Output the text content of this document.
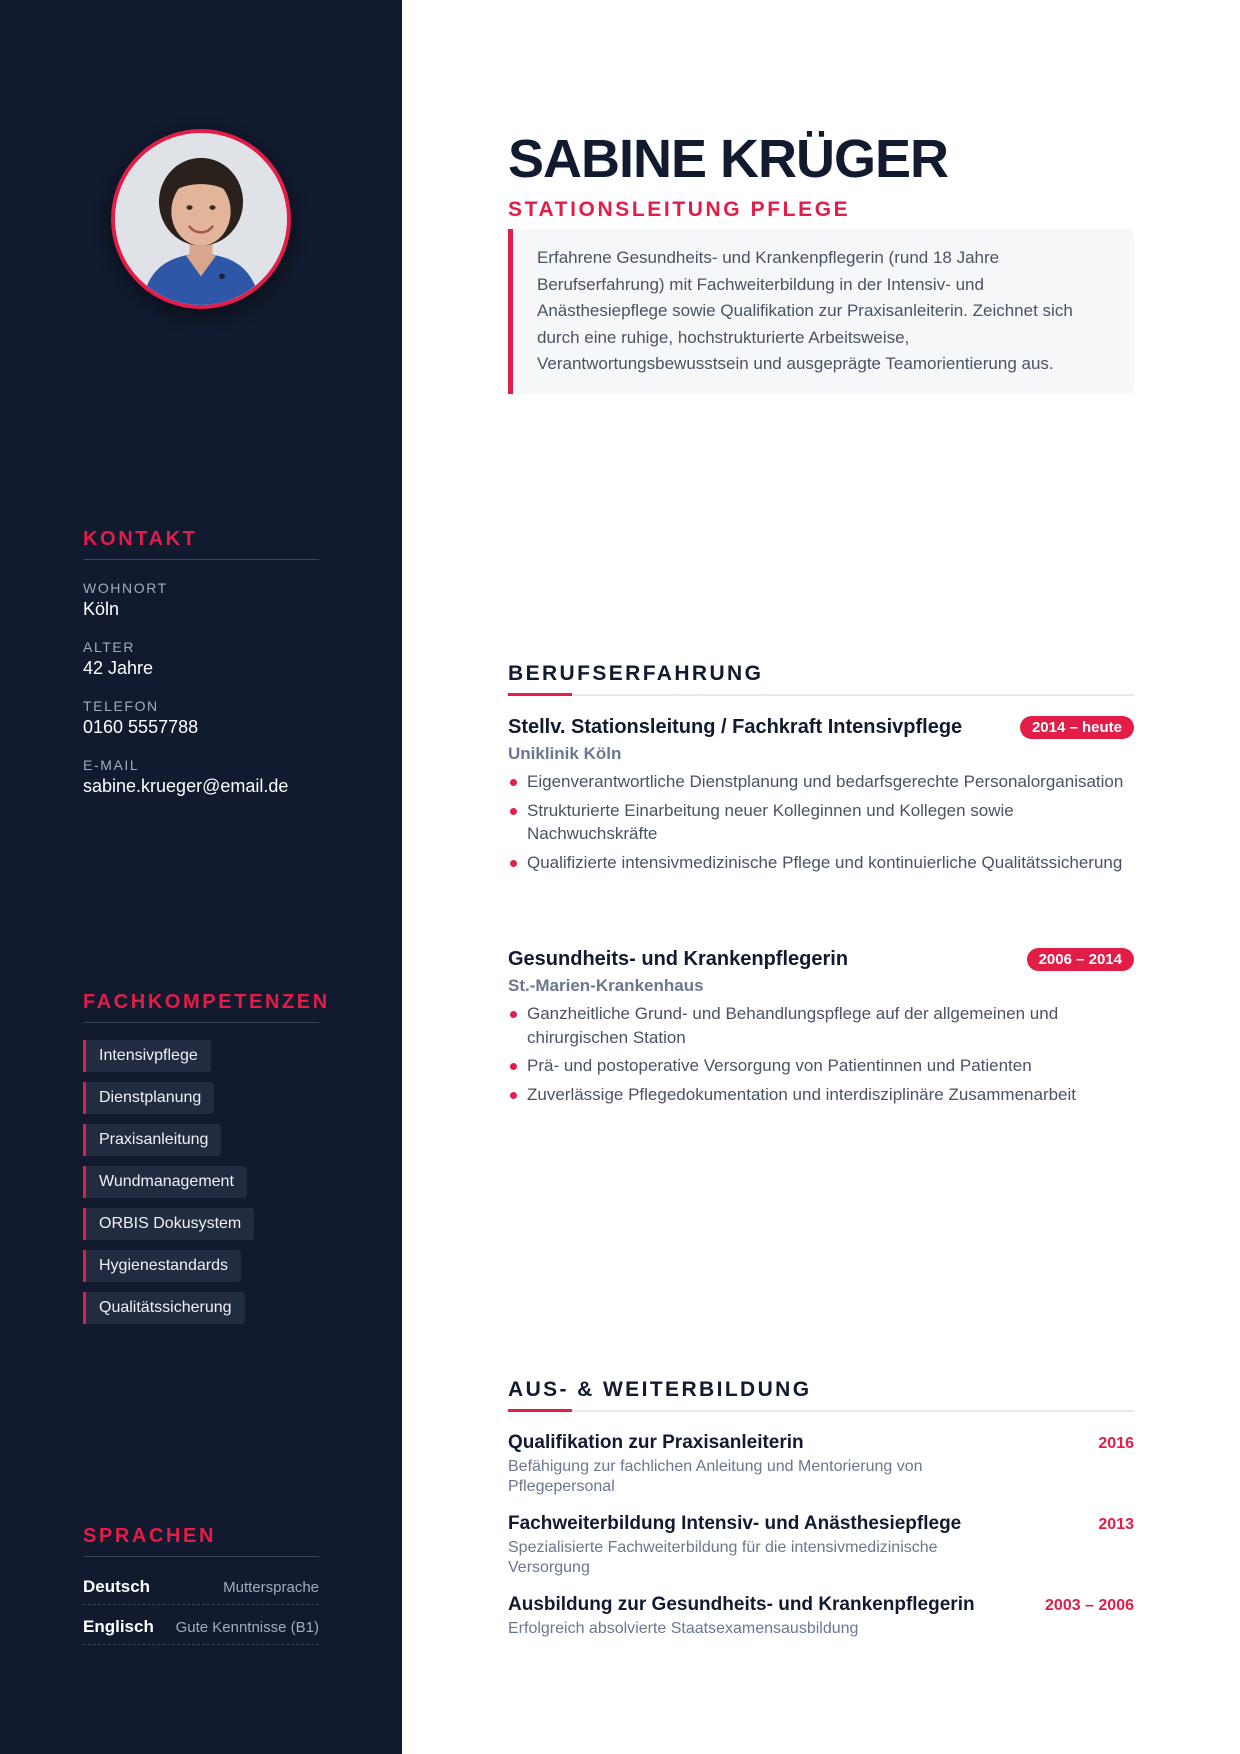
KONTAKT
WOHNORT
Köln
ALTER
42 Jahre
TELEFON
0160 5557788
E-MAIL
sabine.krueger@email.de
FACHKOMPETENZEN
Intensivpflege
Dienstplanung
Praxisanleitung
Wundmanagement
ORBIS Dokusystem
Hygienestandards
Qualitätssicherung
SPRACHEN
Deutsch	Muttersprache
Englisch Gute Kenntnisse (B1)
SABINE KRÜGER
STATIONSLEITUNG PFLEGE

Erfahrene Gesundheits- und Krankenpflegerin (rund 18 Jahre Berufserfahrung) mit Fachweiterbildung in der Intensiv- und Anästhesiepflege sowie Qualifikation zur Praxisanleiterin. Zeichnet sich durch eine ruhige, hochstrukturierte Arbeitsweise, Verantwortungsbewusstsein und ausgeprägte Teamorientierung aus.

BERUFSERFAHRUNG
Stellv. Stationsleitung / Fachkraft Intensivpflege	2014 – heute
Uniklinik Köln
Eigenverantwortliche Dienstplanung und bedarfsgerechte Personalorganisation
Strukturierte Einarbeitung neuer Kolleginnen und Kollegen sowie Nachwuchskräfte
Qualifizierte intensivmedizinische Pflege und kontinuierliche Qualitätssicherung
Gesundheits- und Krankenpflegerin	2006 – 2014
St.-Marien-Krankenhaus
Ganzheitliche Grund- und Behandlungspflege auf der allgemeinen und chirurgischen Station
Prä- und postoperative Versorgung von Patientinnen und Patienten
Zuverlässige Pflegedokumentation und interdisziplinäre Zusammenarbeit
AUS- & WEITERBILDUNG
Qualifikation zur Praxisanleiterin	2016
Befähigung zur fachlichen Anleitung und Mentorierung von Pflegepersonal
Fachweiterbildung Intensiv- und Anästhesiepflege	2013
Spezialisierte Fachweiterbildung für die intensivmedizinische Versorgung
Ausbildung zur Gesundheits- und Krankenpflegerin	2003 – 2006
Erfolgreich absolvierte Staatsexamensausbildung
